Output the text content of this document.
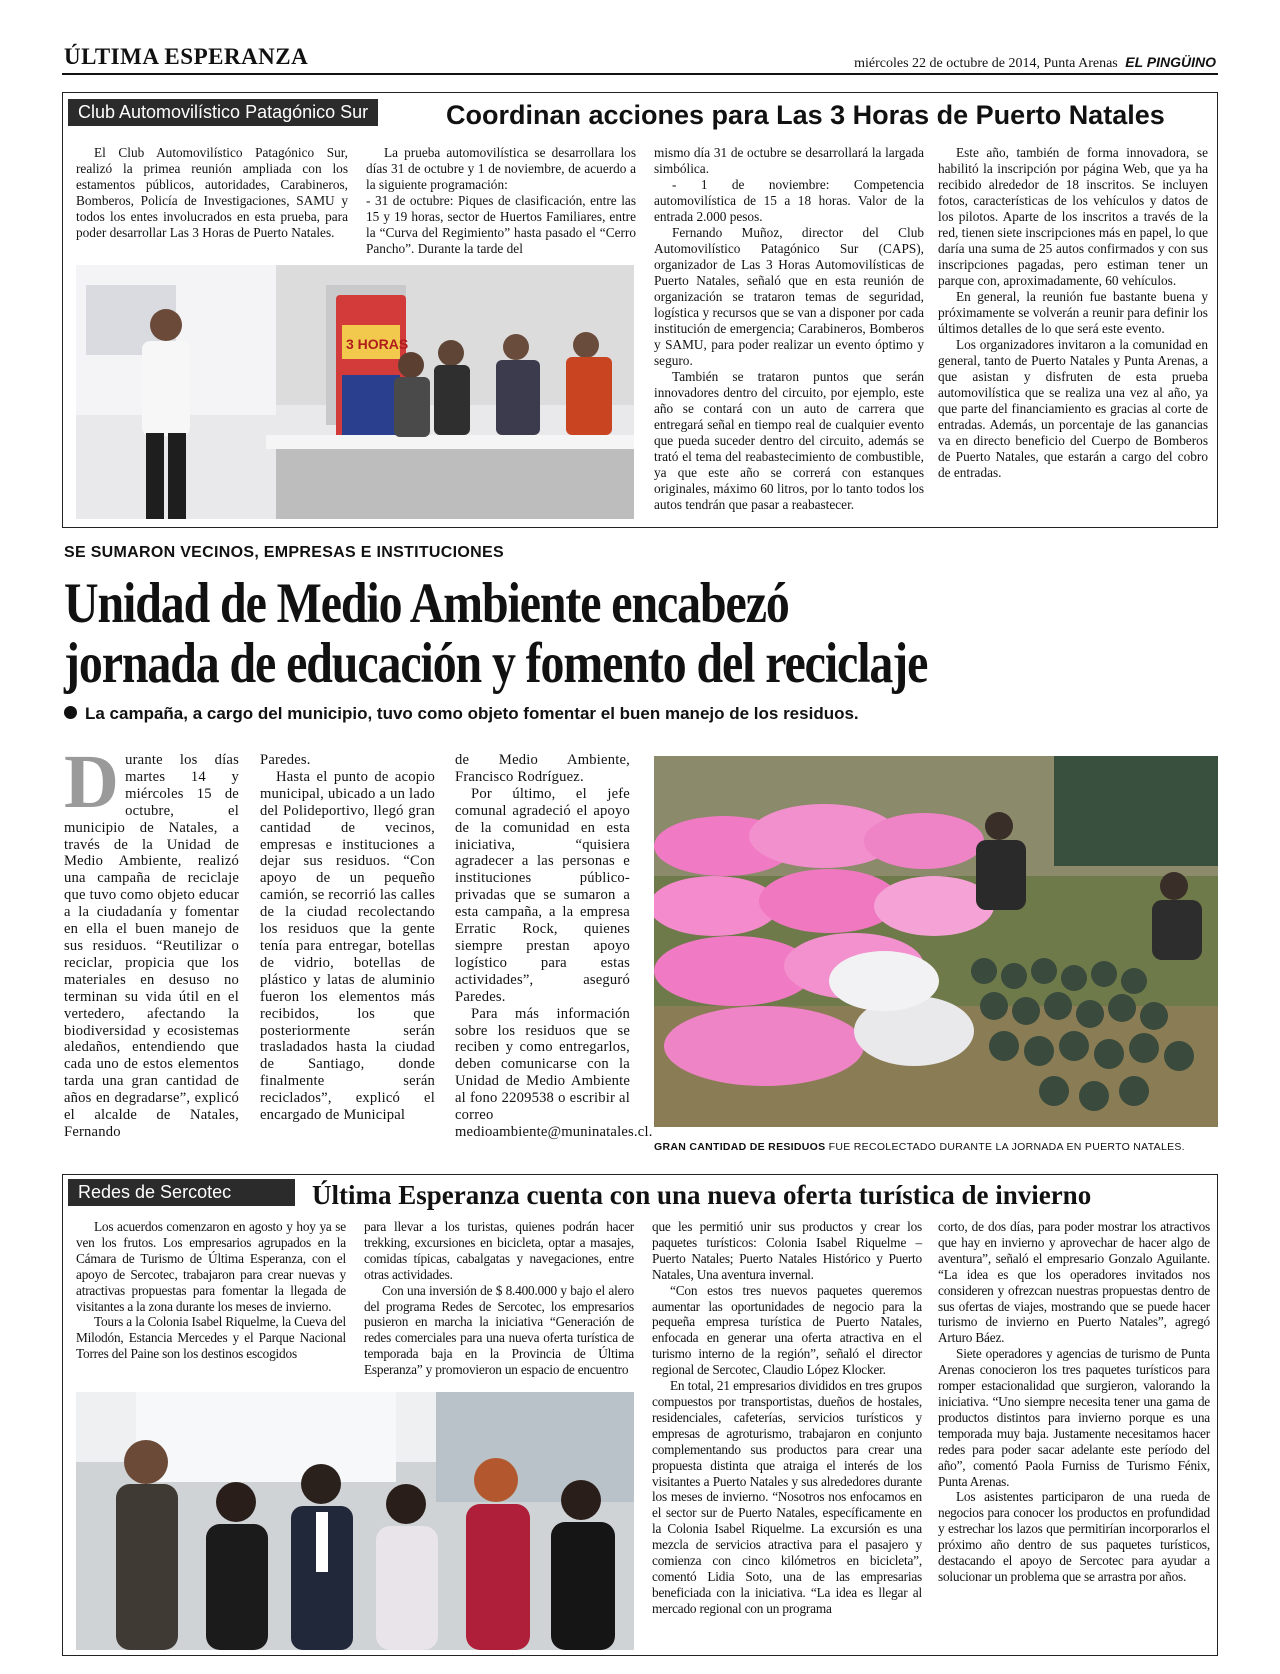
ÚLTIMA ESPERANZA	miércoles 22 de octubre de 2014, Punta Arenas EL PINGÜINO
Club Automovilístico Patagónico Sur	Coordinan acciones para Las 3 Horas de Puerto Natales

El Club Automovilístico Patagónico Sur, realizó la primea reunión ampliada con los estamentos públicos, autoridades, Carabineros, Bomberos, Policía de Investigaciones, SAMU y todos los entes involucrados en esta prueba, para poder desarrollar Las 3 Horas de Puerto Natales.

La prueba automovilística se desarrollara los días 31 de octubre y 1 de noviembre, de acuerdo a la siguiente programación:

- 31 de octubre: Piques de clasificación, entre las 15 y 19 horas, sector de Huertos Familiares, entre la “Curva del Regimiento” hasta pasado el “Cerro Pancho”. Durante la tarde del

mismo día 31 de octubre se desarrollará la largada simbólica.

- 1 de noviembre: Competencia automovilística de 15 a 18 horas. Valor de la entrada 2.000 pesos.

Fernando Muñoz, director del Club Automovilístico Patagónico Sur (CAPS), organizador de Las 3 Horas Automovilísticas de Puerto Natales, señaló que en esta reunión de organización se trataron temas de seguridad, logística y recursos que se van a disponer por cada institución de emergencia; Carabineros, Bomberos y SAMU, para poder realizar un evento óptimo y seguro.

También se trataron puntos que serán innovadores dentro del circuito, por ejemplo, este año se contará con un auto de carrera que entregará señal en tiempo real de cualquier evento que pueda suceder dentro del circuito, además se trató el tema del reabastecimiento de combustible, ya que este año se correrá con estanques originales, máximo 60 litros, por lo tanto todos los autos tendrán que pasar a reabastecer.

Este año, también de forma innovadora, se habilitó la inscripción por página Web, que ya ha recibido alrededor de 18 inscritos. Se incluyen fotos, características de los vehículos y datos de los pilotos. Aparte de los inscritos a través de la red, tienen siete inscripciones más en papel, lo que daría una suma de 25 autos confirmados y con sus inscripciones pagadas, pero estiman tener un parque con, aproximadamente, 60 vehículos.

En general, la reunión fue bastante buena y próximamente se volverán a reunir para definir los últimos detalles de lo que será este evento.

Los organizadores invitaron a la comunidad en general, tanto de Puerto Natales y Punta Arenas, a que asistan y disfruten de esta prueba automovilística que se realiza una vez al año, ya que parte del financiamiento es gracias al corte de entradas. Además, un porcentaje de las ganancias va en directo beneficio del Cuerpo de Bomberos de Puerto Natales, que estarán a cargo del cobro de entradas.

3 HORAS
SE SUMARON VECINOS, EMPRESAS E INSTITUCIONES
Unidad de Medio Ambiente encabezó
jornada de educación y fomento del reciclaje
La campaña, a cargo del municipio, tuvo como objeto fomentar el buen manejo de los residuos.
Durante los días martes 14 y miércoles 15 de octubre, el municipio de Natales, a través de la Unidad de Medio Ambiente, realizó una campaña de reciclaje que tuvo como objeto educar a la ciudadanía y fomentar en ella el buen manejo de sus residuos. “Reutilizar o reciclar, propicia que los materiales en desuso no terminan su vida útil en el vertedero, afectando la biodiversidad y ecosistemas aledaños, entendiendo que cada uno de estos elementos tarda una gran cantidad de años en degradarse”, explicó el alcalde de Natales, Fernando

Paredes.

Hasta el punto de acopio municipal, ubicado a un lado del Polideportivo, llegó gran cantidad de vecinos, empresas e instituciones a dejar sus residuos. “Con apoyo de un pequeño camión, se recorrió las calles de la ciudad recolectando los residuos que la gente tenía para entregar, botellas de vidrio, botellas de plástico y latas de aluminio fueron los elementos más recibidos, los que posteriormente serán trasladados hasta la ciudad de Santiago, donde finalmente serán reciclados”, explicó el encargado de Municipal

de Medio Ambiente, Francisco Rodríguez.

Por último, el jefe comunal agradeció el apoyo de la comunidad en esta iniciativa, “quisiera agradecer a las personas e instituciones público-privadas que se sumaron a esta campaña, a la empresa Erratic Rock, quienes siempre prestan apoyo logístico para estas actividades”, aseguró Paredes.

Para más información sobre los residuos que se reciben y como entregarlos, deben comunicarse con la Unidad de Medio Ambiente al fono 2209538 o escribir al correo medioambiente@muninatales.cl.

GRAN CANTIDAD DE RESIDUOS FUE RECOLECTADO DURANTE LA JORNADA EN PUERTO NATALES.
Redes de Sercotec	Última Esperanza cuenta con una nueva oferta turística de invierno

Los acuerdos comenzaron en agosto y hoy ya se ven los frutos. Los empresarios agrupados en la Cámara de Turismo de Última Esperanza, con el apoyo de Sercotec, trabajaron para crear nuevas y atractivas propuestas para fomentar la llegada de visitantes a la zona durante los meses de invierno.

Tours a la Colonia Isabel Riquelme, la Cueva del Milodón, Estancia Mercedes y el Parque Nacional Torres del Paine son los destinos escogidos

para llevar a los turistas, quienes podrán hacer trekking, excursiones en bicicleta, optar a masajes, comidas típicas, cabalgatas y navegaciones, entre otras actividades.

Con una inversión de $ 8.400.000 y bajo el alero del programa Redes de Sercotec, los empresarios pusieron en marcha la iniciativa “Generación de redes comerciales para una nueva oferta turística de temporada baja en la Provincia de Última Esperanza” y promovieron un espacio de encuentro

que les permitió unir sus productos y crear los paquetes turísticos: Colonia Isabel Riquelme – Puerto Natales; Puerto Natales Histórico y Puerto Natales, Una aventura invernal.

“Con estos tres nuevos paquetes queremos aumentar las oportunidades de negocio para la pequeña empresa turística de Puerto Natales, enfocada en generar una oferta atractiva en el turismo interno de la región”, señaló el director regional de Sercotec, Claudio López Klocker.

En total, 21 empresarios divididos en tres grupos compuestos por transportistas, dueños de hostales, residenciales, cafeterías, servicios turísticos y empresas de agroturismo, trabajaron en conjunto complementando sus productos para crear una propuesta distinta que atraiga el interés de los visitantes a Puerto Natales y sus alrededores durante los meses de invierno. “Nosotros nos enfocamos en el sector sur de Puerto Natales, específicamente en la Colonia Isabel Riquelme. La excursión es una mezcla de servicios atractiva para el pasajero y comienza con cinco kilómetros en bicicleta”, comentó Lidia Soto, una de las empresarias beneficiada con la iniciativa. “La idea es llegar al mercado regional con un programa

corto, de dos días, para poder mostrar los atractivos que hay en invierno y aprovechar de hacer algo de aventura”, señaló el empresario Gonzalo Aguilante. “La idea es que los operadores invitados nos consideren y ofrezcan nuestras propuestas dentro de sus ofertas de viajes, mostrando que se puede hacer turismo de invierno en Puerto Natales”, agregó Arturo Báez.

Siete operadores y agencias de turismo de Punta Arenas conocieron los tres paquetes turísticos para romper estacionalidad que surgieron, valorando la iniciativa. “Uno siempre necesita tener una gama de productos distintos para invierno porque es una temporada muy baja. Justamente necesitamos hacer redes para poder sacar adelante este período del año”, comentó Paola Furniss de Turismo Fénix, Punta Arenas.

Los asistentes participaron de una rueda de negocios para conocer los productos en profundidad y estrechar los lazos que permitirían incorporarlos el próximo año dentro de sus paquetes turísticos, destacando el apoyo de Sercotec para ayudar a solucionar un problema que se arrastra por años.
